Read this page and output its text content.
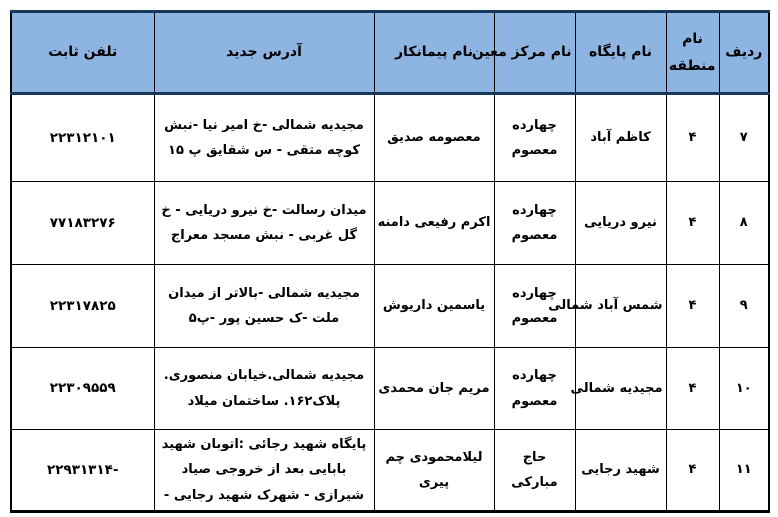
ردیف	نام منطقه	نام پایگاه	نام مرکز معین	نام پیمانکار	آدرس جدید	تلفن ثابت
۷	۴	کاظم آباد	چهارده معصوم	معصومه صدیق	مجیدیه شمالی -خ امیر نیا -نبش کوچه متقی - س شقایق پ ۱۵	۲۲۳۱۲۱۰۱
۸	۴	نیرو دریایی	چهارده معصوم	اکرم رفیعی دامنه	میدان رسالت -خ نیرو دریایی - خ گل غربی - نبش مسجد معراج	۷۷۱۸۳۲۷۶
۹	۴	شمس آباد شمالی	چهارده معصوم	یاسمین داریوش	مجیدیه شمالی -بالاتر از میدان ملت -ک حسین پور -پ۵	۲۲۳۱۷۸۲۵
۱۰	۴	مجیدیه شمالی	چهارده معصوم	مریم جان محمدی	مجیدیه شمالی.خیابان منصوری. پلاک۱۶۲. ساختمان میلاد	۲۲۳۰۹۵۵۹
۱۱	۴	شهید رجایی	حاج مبارکی	لیلامحمودی چم پیری	پایگاه شهید رجائی :اتوبان شهید بابایی بعد از خروجی صیاد شیرازی - شهرک شهید رجایی -	-۲۲۹۳۱۳۱۴
